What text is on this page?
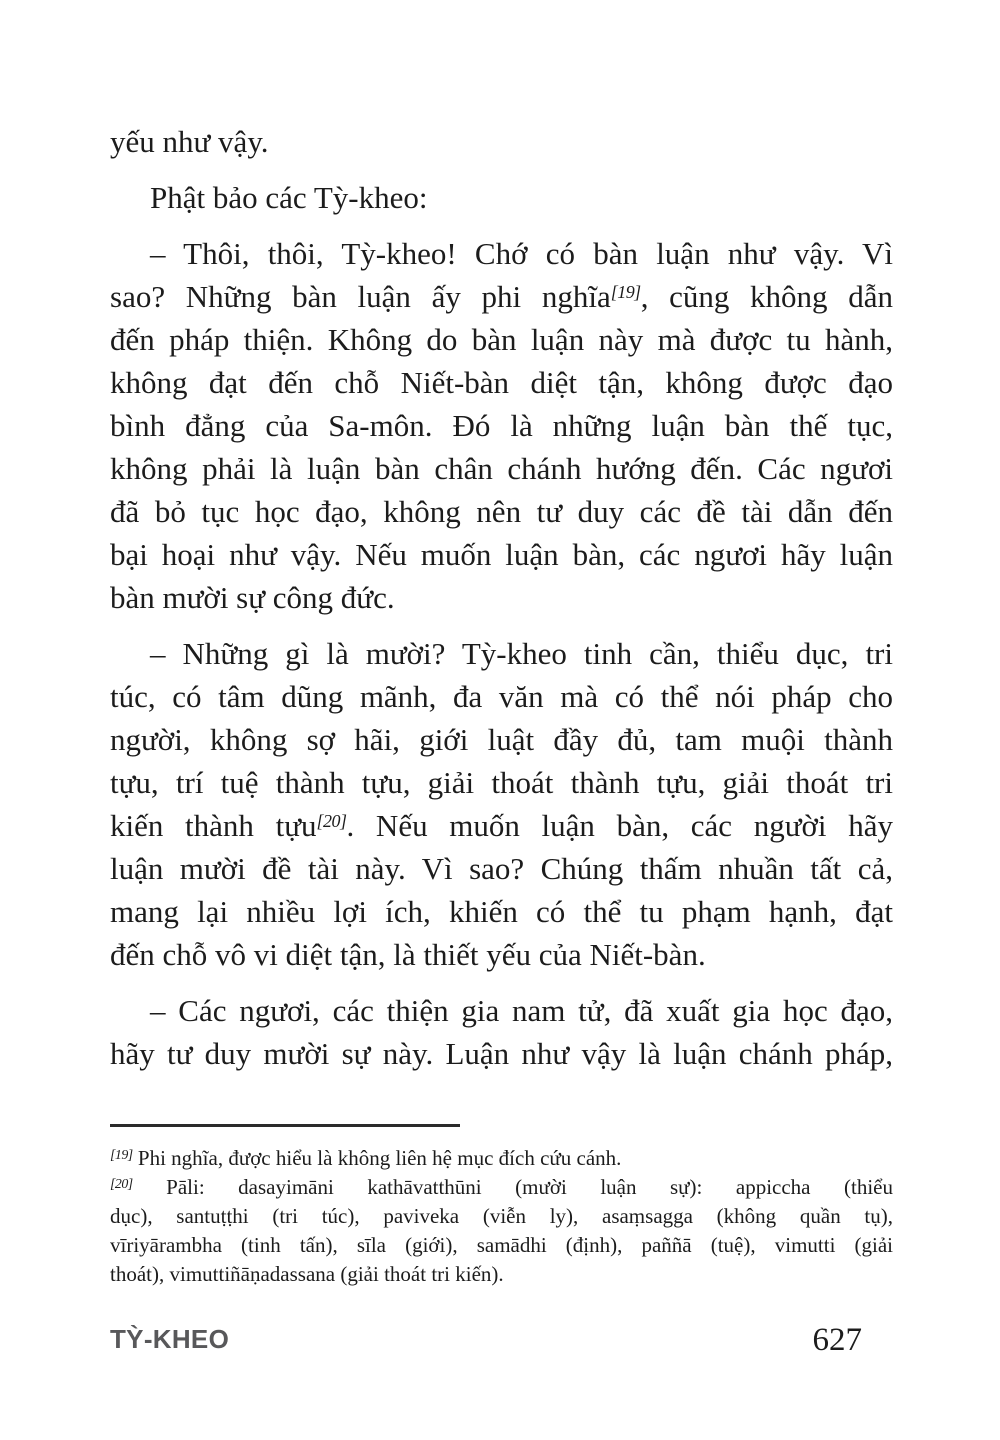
yếu như vậy.
Phật bảo các Tỳ-kheo:
– Thôi, thôi, Tỳ-kheo! Chớ có bàn luận như vậy. Vì
sao? Những bàn luận ấy phi nghĩa[19], cũng không dẫn
đến pháp thiện. Không do bàn luận này mà được tu hành,
không đạt đến chỗ Niết-bàn diệt tận, không được đạo
bình đẳng của Sa-môn. Đó là những luận bàn thế tục,
không phải là luận bàn chân chánh hướng đến. Các ngươi
đã bỏ tục học đạo, không nên tư duy các đề tài dẫn đến
bại hoại như vậy. Nếu muốn luận bàn, các ngươi hãy luận
bàn mười sự công đức.
– Những gì là mười? Tỳ-kheo tinh cần, thiểu dục, tri
túc, có tâm dũng mãnh, đa văn mà có thể nói pháp cho
người, không sợ hãi, giới luật đầy đủ, tam muội thành
tựu, trí tuệ thành tựu, giải thoát thành tựu, giải thoát tri
kiến thành tựu[20]. Nếu muốn luận bàn, các người hãy
luận mười đề tài này. Vì sao? Chúng thấm nhuần tất cả,
mang lại nhiều lợi ích, khiến có thể tu phạm hạnh, đạt
đến chỗ vô vi diệt tận, là thiết yếu của Niết-bàn.
– Các ngươi, các thiện gia nam tử, đã xuất gia học đạo,
hãy tư duy mười sự này. Luận như vậy là luận chánh pháp,
[19] Phi nghĩa, được hiểu là không liên hệ mục đích cứu cánh.
[20] Pāli: dasayimāni kathāvatthūni (mười luận sự): appiccha (thiểu
dục), santuṭṭhi (tri túc), paviveka (viễn ly), asaṃsagga (không quần tụ),
vīriyārambha (tinh tấn), sīla (giới), samādhi (định), paññā (tuệ), vimutti (giải
thoát), vimuttiñāṇadassana (giải thoát tri kiến).
TỲ-KHEO	627
